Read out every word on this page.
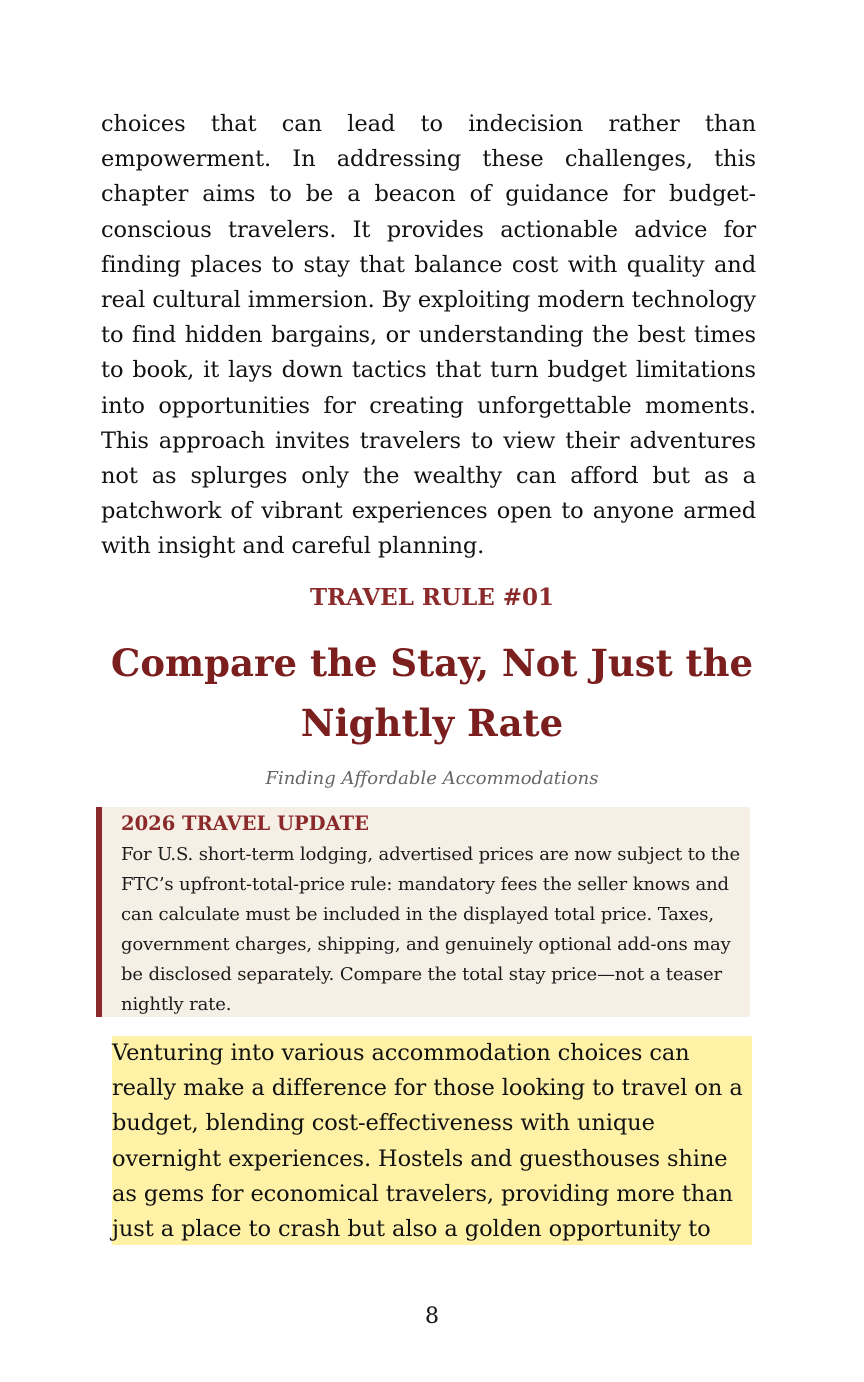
choices that can lead to indecision rather than empowerment. In addressing these challenges, this chapter aims to be a beacon of guidance for budget-conscious travelers. It provides actionable advice for finding places to stay that balance cost with quality and real cultural immersion. By exploiting modern technology to find hidden bargains, or understanding the best times to book, it lays down tactics that turn budget limitations into opportunities for creating unforgettable moments. This approach invites travelers to view their adventures not as splurges only the wealthy can afford but as a patchwork of vibrant experiences open to anyone armed with insight and careful planning.

TRAVEL RULE #01

Compare the Stay, Not Just the Nightly Rate

Finding Affordable Accommodations

2026 TRAVEL UPDATE

For U.S. short-term lodging, advertised prices are now subject to the FTC’s upfront-total-price rule: mandatory fees the seller knows and can calculate must be included in the displayed total price. Taxes, government charges, shipping, and genuinely optional add-ons may be disclosed separately. Compare the total stay price—not a teaser nightly rate.

Venturing into various accommodation choices can really make a difference for those looking to travel on a budget, blending cost-effectiveness with unique overnight experiences. Hostels and guesthouses shine as gems for economical travelers, providing more than just a place to crash but also a golden opportunity to

8
